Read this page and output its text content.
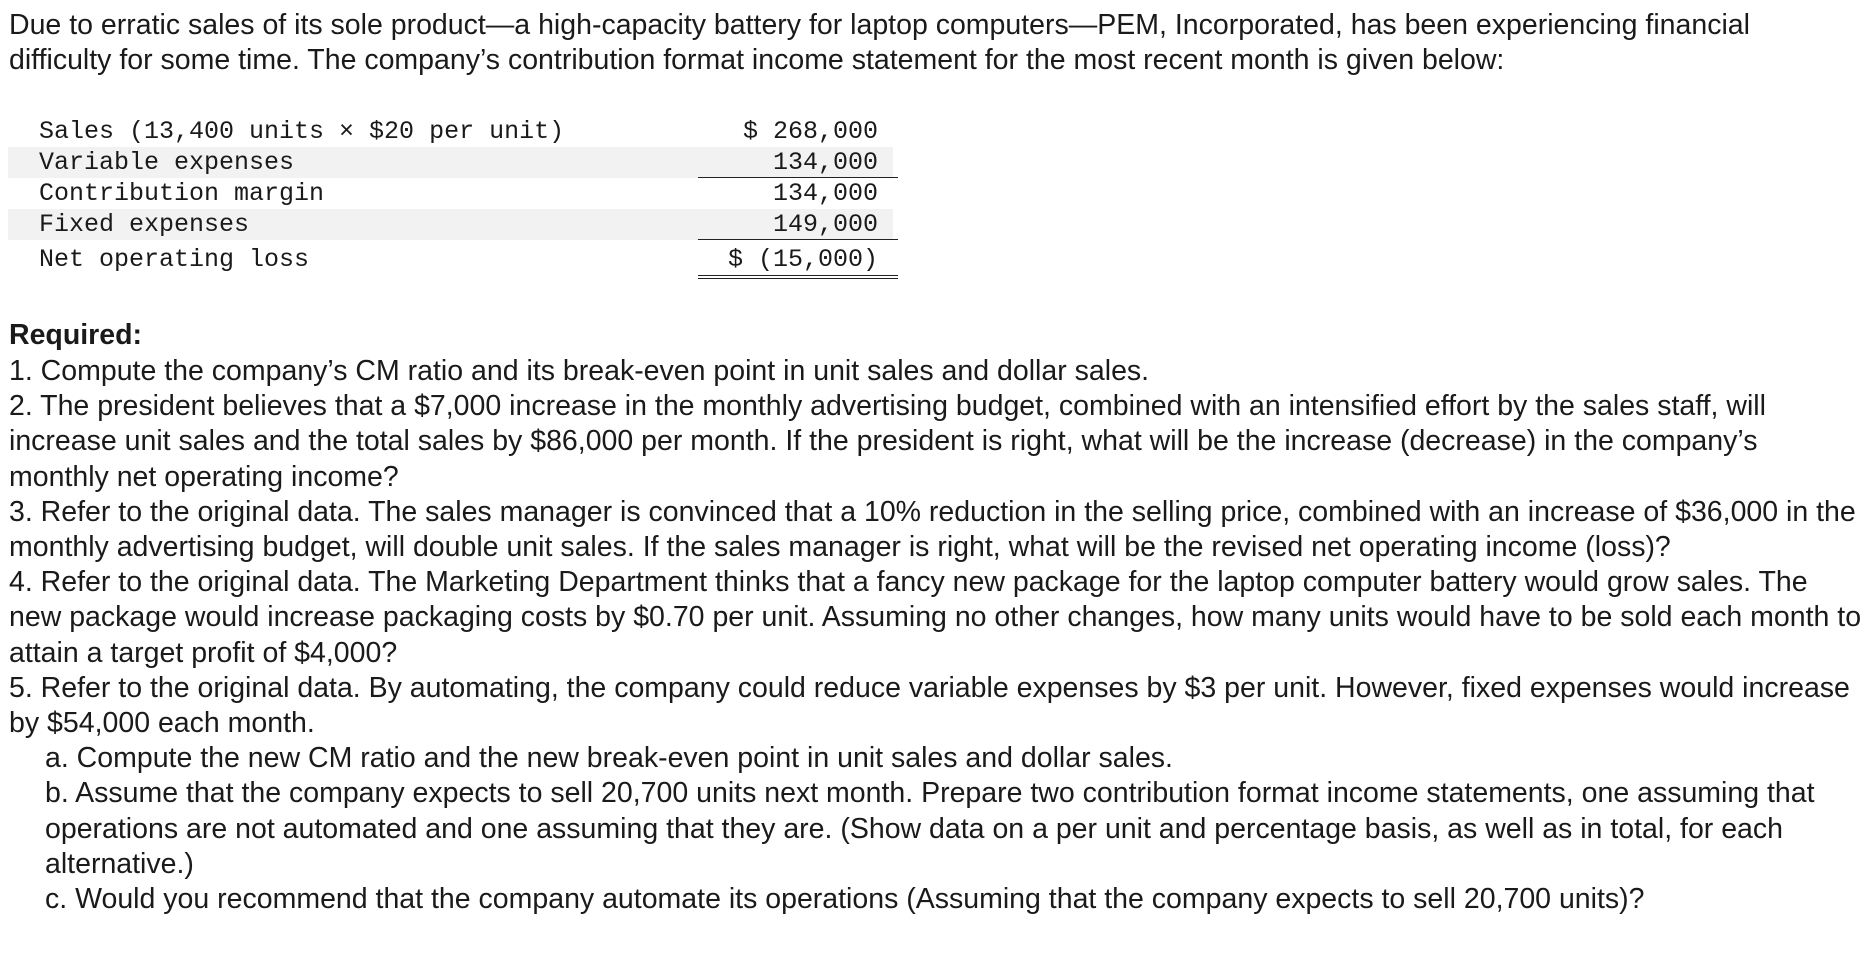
Due to erratic sales of its sole product—a high-capacity battery for laptop computers—PEM, Incorporated, has been experiencing financial difficulty for some time. The company’s contribution format income statement for the most recent month is given below:

Sales (13,400 units × $20 per unit)	$ 268,000
Variable expenses	134,000
Contribution margin	134,000
Fixed expenses	149,000
Net operating loss	$ (15,000)

Required:

1. Compute the company’s CM ratio and its break-even point in unit sales and dollar sales.

2. The president believes that a $7,000 increase in the monthly advertising budget, combined with an intensified effort by the sales staff, will increase unit sales and the total sales by $86,000 per month. If the president is right, what will be the increase (decrease) in the company’s monthly net operating income?

3. Refer to the original data. The sales manager is convinced that a 10% reduction in the selling price, combined with an increase of $36,000 in the monthly advertising budget, will double unit sales. If the sales manager is right, what will be the revised net operating income (loss)?

4. Refer to the original data. The Marketing Department thinks that a fancy new package for the laptop computer battery would grow sales. The new package would increase packaging costs by $0.70 per unit. Assuming no other changes, how many units would have to be sold each month to attain a target profit of $4,000?

5. Refer to the original data. By automating, the company could reduce variable expenses by $3 per unit. However, fixed expenses would increase by $54,000 each month.

a. Compute the new CM ratio and the new break-even point in unit sales and dollar sales.

b. Assume that the company expects to sell 20,700 units next month. Prepare two contribution format income statements, one assuming that operations are not automated and one assuming that they are. (Show data on a per unit and percentage basis, as well as in total, for each alternative.)

c. Would you recommend that the company automate its operations (Assuming that the company expects to sell 20,700 units)?
